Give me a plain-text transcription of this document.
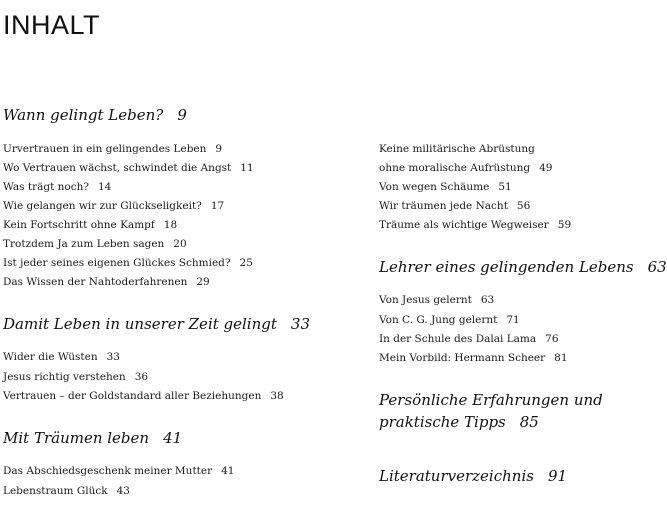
INHALT
Wann gelingt Leben? 9
Urvertrauen in ein gelingendes Leben 9
Wo Vertrauen wächst, schwindet die Angst 11
Was trägt noch? 14
Wie gelangen wir zur Glückseligkeit? 17
Kein Fortschritt ohne Kampf 18
Trotzdem Ja zum Leben sagen 20
Ist jeder seines eigenen Glückes Schmied? 25
Das Wissen der Nahtoderfahrenen 29
Damit Leben in unserer Zeit gelingt 33
Wider die Wüsten 33
Jesus richtig verstehen 36
Vertrauen – der Goldstandard aller Beziehungen 38
Mit Träumen leben 41
Das Abschiedsgeschenk meiner Mutter 41
Lebenstraum Glück 43
Keine militärische Abrüstung
ohne moralische Aufrüstung 49
Von wegen Schäume 51
Wir träumen jede Nacht 56
Träume als wichtige Wegweiser 59
Lehrer eines gelingenden Lebens 63
Von Jesus gelernt 63
Von C. G. Jung gelernt 71
In der Schule des Dalai Lama 76
Mein Vorbild: Hermann Scheer 81
Persönliche Erfahrungen und
praktische Tipps 85
Literaturverzeichnis 91
